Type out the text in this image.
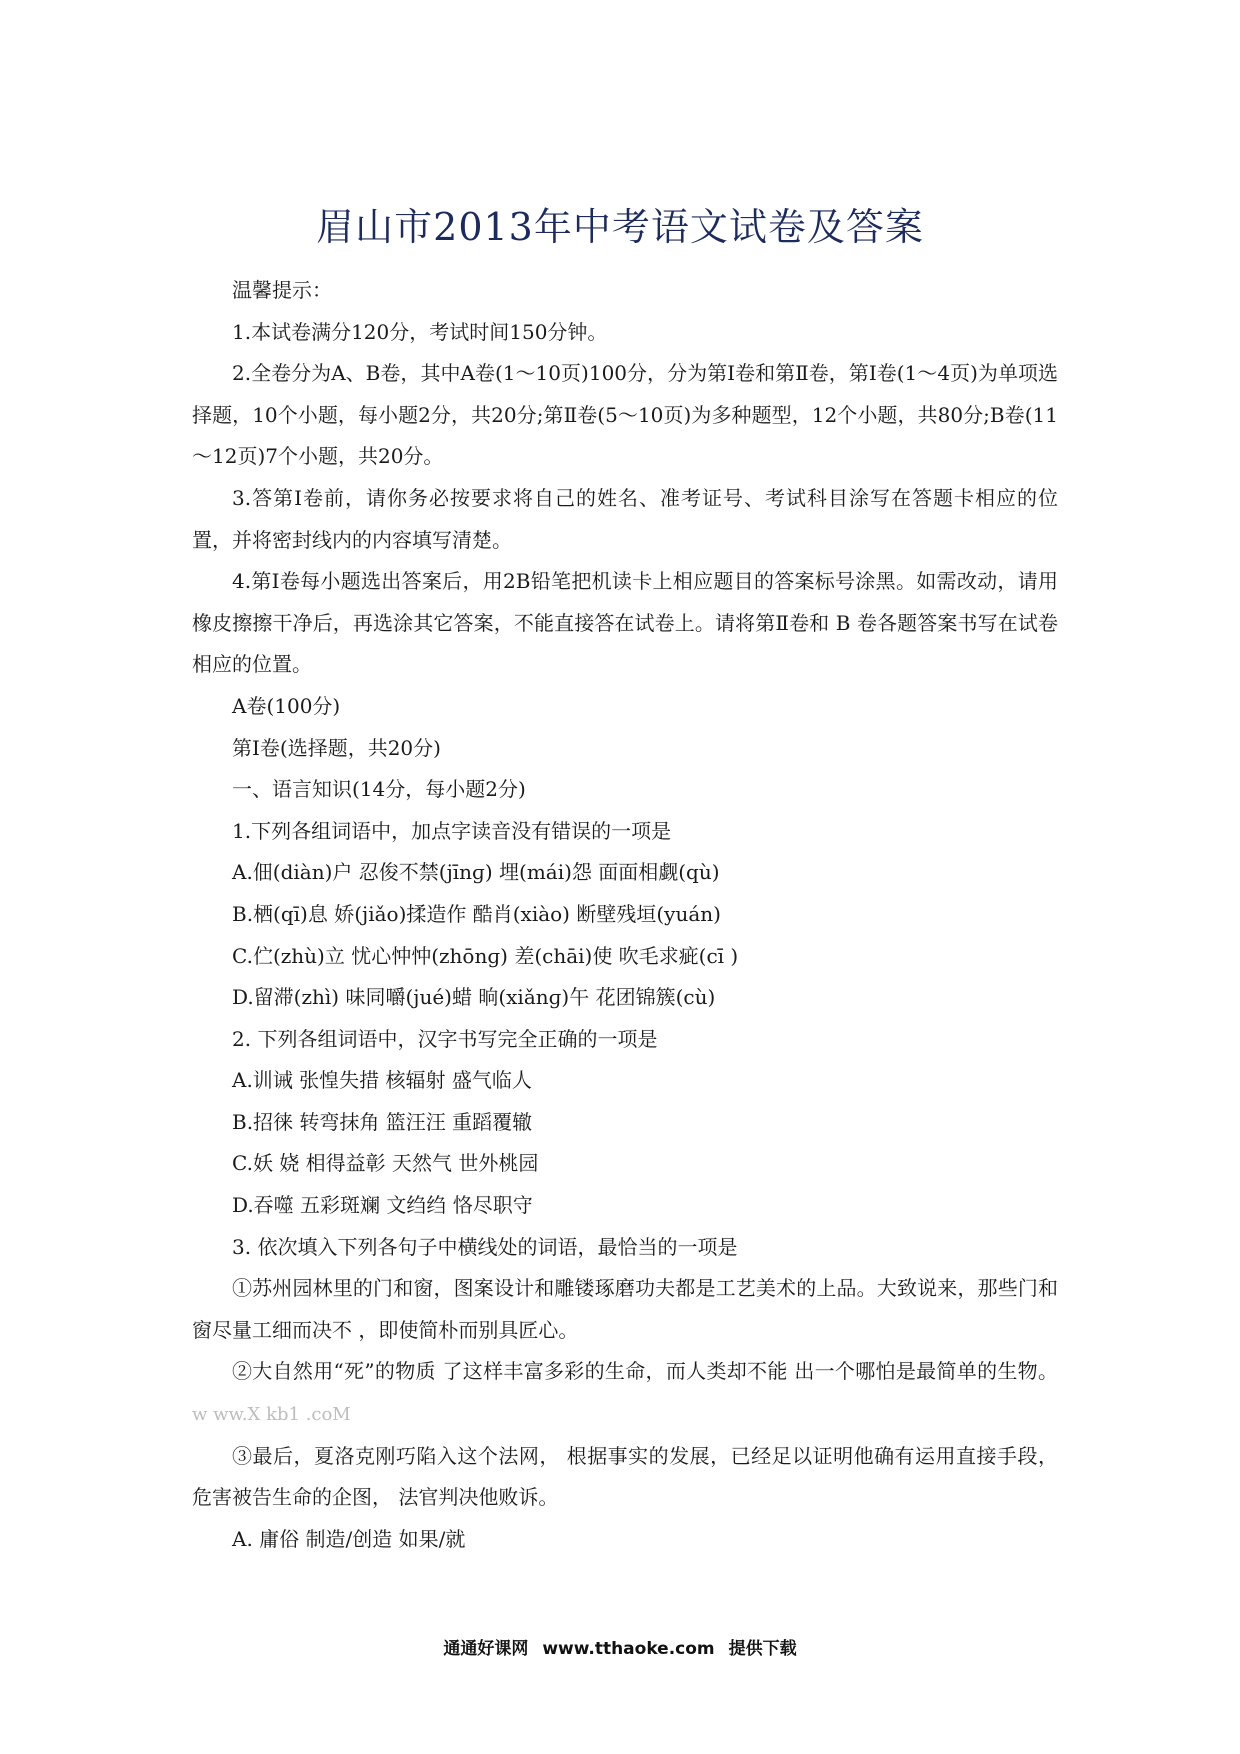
眉山市2013年中考语文试卷及答案

温馨提示：

1.本试卷满分120分，考试时间150分钟。

2.全卷分为A、B卷，其中A卷(1～10页)100分，分为第Ⅰ卷和第Ⅱ卷，第Ⅰ卷(1～4页)为单项选择题，10个小题，每小题2分，共20分;第Ⅱ卷(5～10页)为多种题型，12个小题，共80分;B卷(11～12页)7个小题，共20分。

3.答第Ⅰ卷前，请你务必按要求将自己的姓名、准考证号、考试科目涂写在答题卡相应的位置，并将密封线内的内容填写清楚。

4.第Ⅰ卷每小题选出答案后，用2B铅笔把机读卡上相应题目的答案标号涂黑。如需改动，请用橡皮擦擦干净后，再选涂其它答案，不能直接答在试卷上。请将第Ⅱ卷和 B 卷各题答案书写在试卷相应的位置。

A卷(100分)

第Ⅰ卷(选择题，共20分)

一、语言知识(14分，每小题2分)

1.下列各组词语中，加点字读音没有错误的一项是

A.佃(diàn)户 忍俊不禁(jīnɡ) 埋(mái)怨 面面相觑(qù)

B.栖(qī)息 娇(jiǎo)揉造作 酷肖(xiào) 断壁残垣(yuán)

C.伫(zhù)立 忧心忡忡(zhōnɡ) 差(chāi)使 吹毛求疵(cī )

D.留滞(zhì) 味同嚼(jué)蜡 晌(xiǎnɡ)午 花团锦簇(cù)

2. 下列各组词语中，汉字书写完全正确的一项是

A.训诫 张惶失措 核辐射 盛气临人

B.招徕 转弯抹角 篮汪汪 重蹈覆辙

C.妖 娆 相得益彰 天然气 世外桃园

D.吞噬 五彩斑斓 文绉绉 恪尽职守

3. 依次填入下列各句子中横线处的词语，最恰当的一项是

①苏州园林里的门和窗，图案设计和雕镂琢磨功夫都是工艺美术的上品。大致说来，那些门和窗尽量工细而决不 ，即使简朴而别具匠心。

②大自然用“死”的物质 了这样丰富多彩的生命，而人类却不能 出一个哪怕是最简单的生物。w ww.X kb1 .coM

③最后，夏洛克刚巧陷入这个法网， 根据事实的发展，已经足以证明他确有运用直接手段，危害被告生命的企图， 法官判决他败诉。

A. 庸俗 制造/创造 如果/就

通通好课网 www.tthaoke.com 提供下载
